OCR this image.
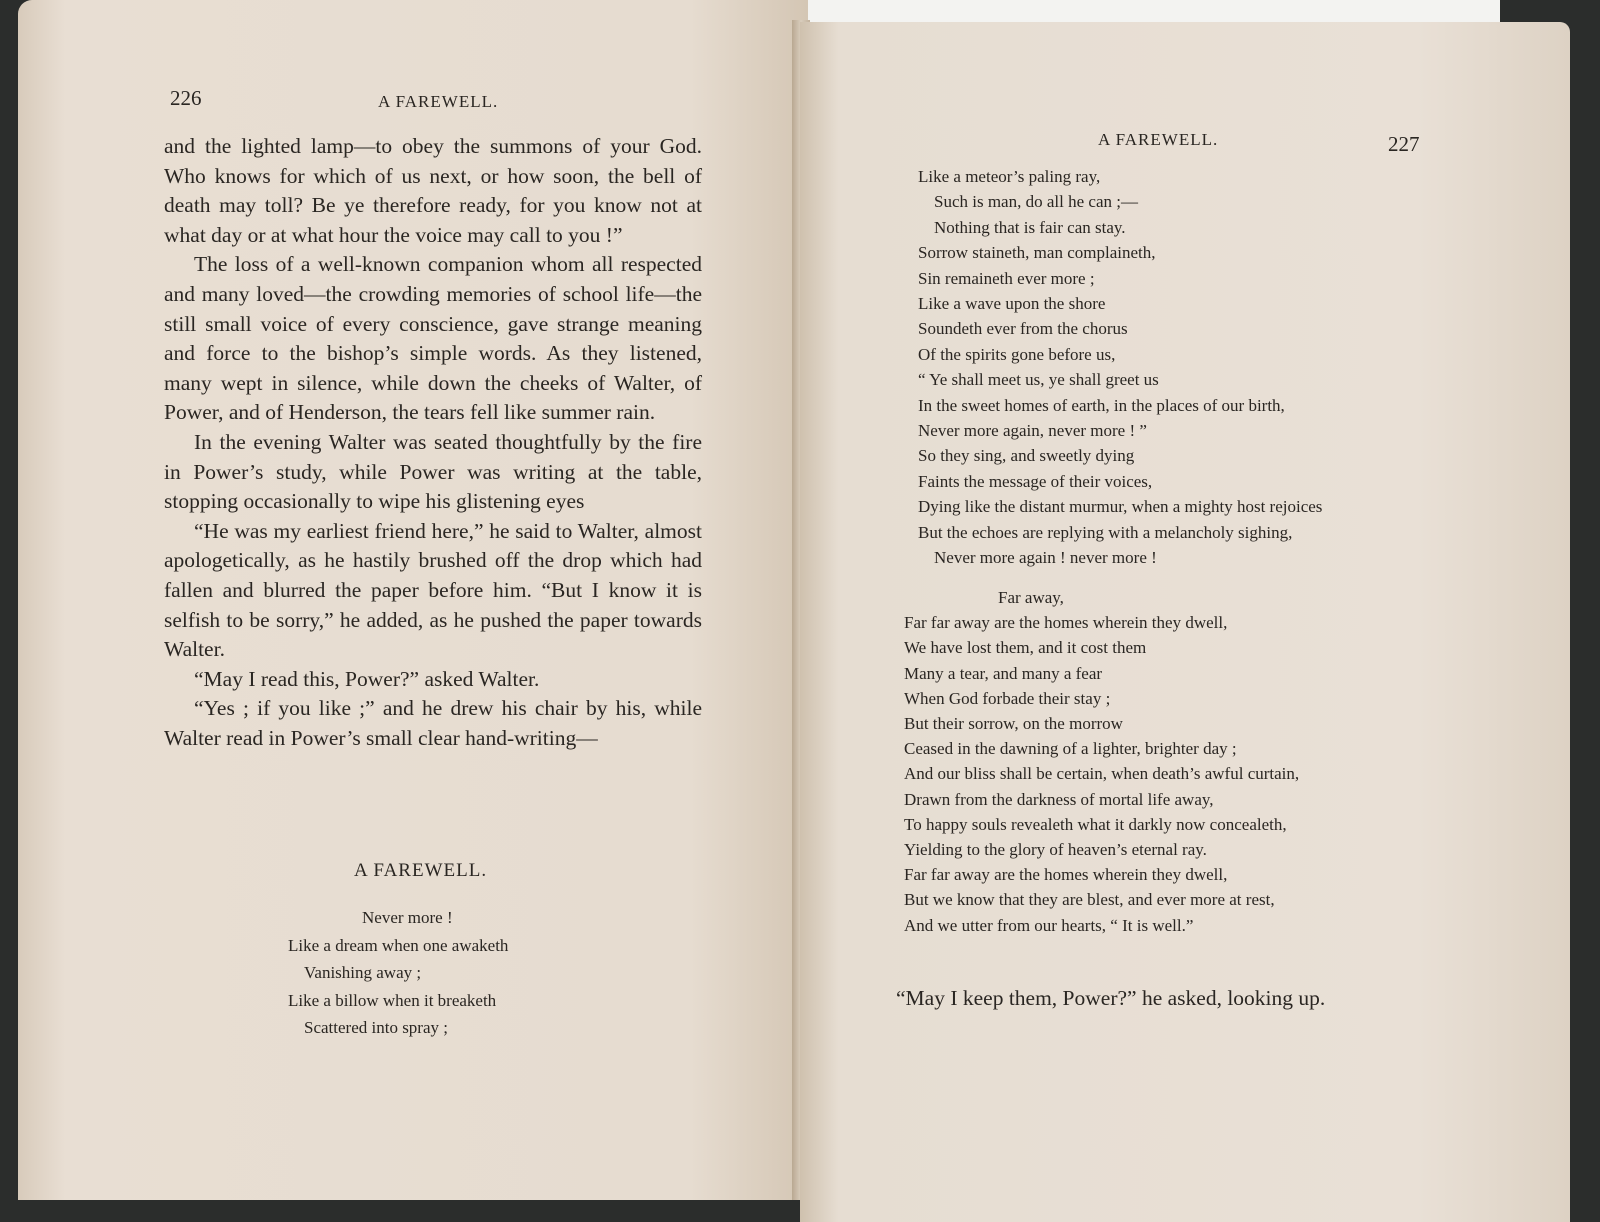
226	A FAREWELL.

and the lighted lamp—to obey the summons of your God. Who knows for which of us next, or how soon, the bell of death may toll? Be ye therefore ready, for you know not at what day or at what hour the voice may call to you !”

The loss of a well-known companion whom all respected and many loved—the crowding memories of school life—the still small voice of every conscience, gave strange meaning and force to the bishop’s simple words. As they listened, many wept in silence, while down the cheeks of Walter, of Power, and of Henderson, the tears fell like summer rain.

In the evening Walter was seated thoughtfully by the fire in Power’s study, while Power was writing at the table, stopping occasionally to wipe his glistening eyes

“He was my earliest friend here,” he said to Walter, almost apologetically, as he hastily brushed off the drop which had fallen and blurred the paper before him. “But I know it is selfish to be sorry,” he added, as he pushed the paper towards Walter.

“May I read this, Power?” asked Walter.

“Yes ; if you like ;” and he drew his chair by his, while Walter read in Power’s small clear hand-writing—

A FAREWELL.
Never more !
Like a dream when one awaketh
Vanishing away ;
Like a billow when it breaketh
Scattered into spray ;
A FAREWELL.	227
Like a meteor’s paling ray,
Such is man, do all he can ;—
Nothing that is fair can stay.
Sorrow staineth, man complaineth,
Sin remaineth ever more ;
Like a wave upon the shore
Soundeth ever from the chorus
Of the spirits gone before us,
“ Ye shall meet us, ye shall greet us
In the sweet homes of earth, in the places of our birth,
Never more again, never more ! ”
So they sing, and sweetly dying
Faints the message of their voices,
Dying like the distant murmur, when a mighty host rejoices
But the echoes are replying with a melancholy sighing,
Never more again ! never more !
Far away,
Far far away are the homes wherein they dwell,
We have lost them, and it cost them
Many a tear, and many a fear
When God forbade their stay ;
But their sorrow, on the morrow
Ceased in the dawning of a lighter, brighter day ;
And our bliss shall be certain, when death’s awful curtain,
Drawn from the darkness of mortal life away,
To happy souls revealeth what it darkly now concealeth,
Yielding to the glory of heaven’s eternal ray.
Far far away are the homes wherein they dwell,
But we know that they are blest, and ever more at rest,
And we utter from our hearts, “ It is well.”

“May I keep them, Power?” he asked, looking up.
